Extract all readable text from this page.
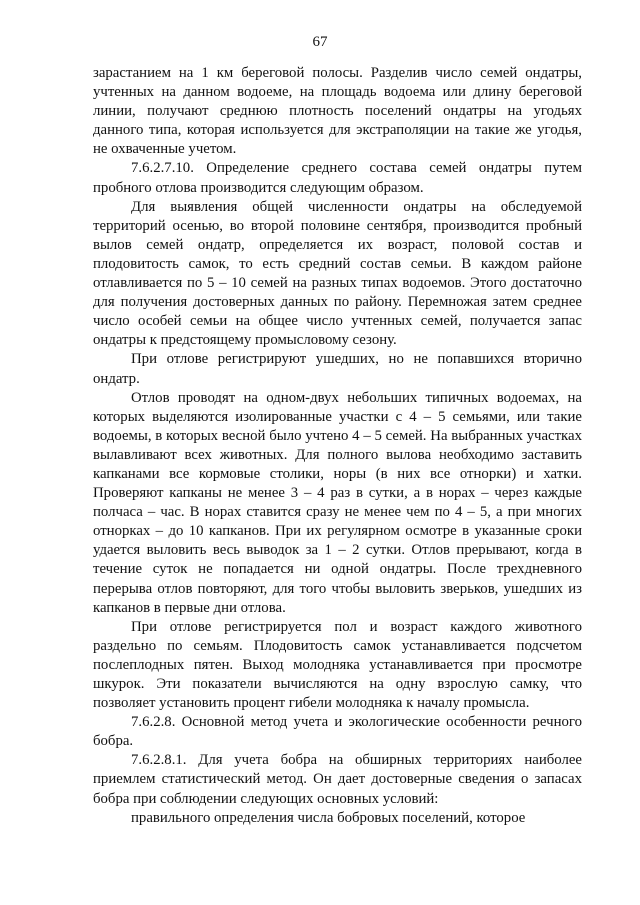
67

зарастанием на 1 км береговой полосы. Разделив число семей ондатры, учтенных на данном водоеме, на площадь водоема или длину береговой линии, получают среднюю плотность поселений ондатры на угодьях данного типа, которая используется для экстраполяции на такие же угодья, не охваченные учетом.

7.6.2.7.10. Определение среднего состава семей ондатры путем пробного отлова производится следующим образом.

Для выявления общей численности ондатры на обследуемой территорий осенью, во второй половине сентября, производится пробный вылов семей ондатр, определяется их возраст, половой состав и плодовитость самок, то есть средний состав семьи. В каждом районе отлавливается по 5 – 10 семей на разных типах водоемов. Этого достаточно для получения достоверных данных по району. Перемножая затем среднее число особей семьи на общее число учтенных семей, получается запас ондатры к предстоящему промысловому сезону.

При отлове регистрируют ушедших, но не попавшихся вторично ондатр.

Отлов проводят на одном-двух небольших типичных водоемах, на которых выделяются изолированные участки с 4 – 5 семьями, или такие водоемы, в которых весной было учтено 4 – 5 семей. На выбранных участках вылавливают всех животных. Для полного вылова необходимо заставить капканами все кормовые столики, норы (в них все отнорки) и хатки. Проверяют капканы не менее 3 – 4 раз в сутки, а в норах – через каждые полчаса – час. В норах ставится сразу не менее чем по 4 – 5, а при многих отнорках – до 10 капканов. При их регулярном осмотре в указанные сроки удается выловить весь выводок за 1 – 2 сутки. Отлов прерывают, когда в течение суток не попадается ни одной ондатры. После трехдневного перерыва отлов повторяют, для того чтобы выловить зверьков, ушедших из капканов в первые дни отлова.

При отлове регистрируется пол и возраст каждого животного раздельно по семьям. Плодовитость самок устанавливается подсчетом послеплодных пятен. Выход молодняка устанавливается при просмотре шкурок. Эти показатели вычисляются на одну взрослую самку, что позволяет установить процент гибели молодняка к началу промысла.

7.6.2.8. Основной метод учета и экологические особенности речного бобра.

7.6.2.8.1. Для учета бобра на обширных территориях наиболее приемлем статистический метод. Он дает достоверные сведения о запасах бобра при соблюдении следующих основных условий:

правильного определения числа бобровых поселений, которое
